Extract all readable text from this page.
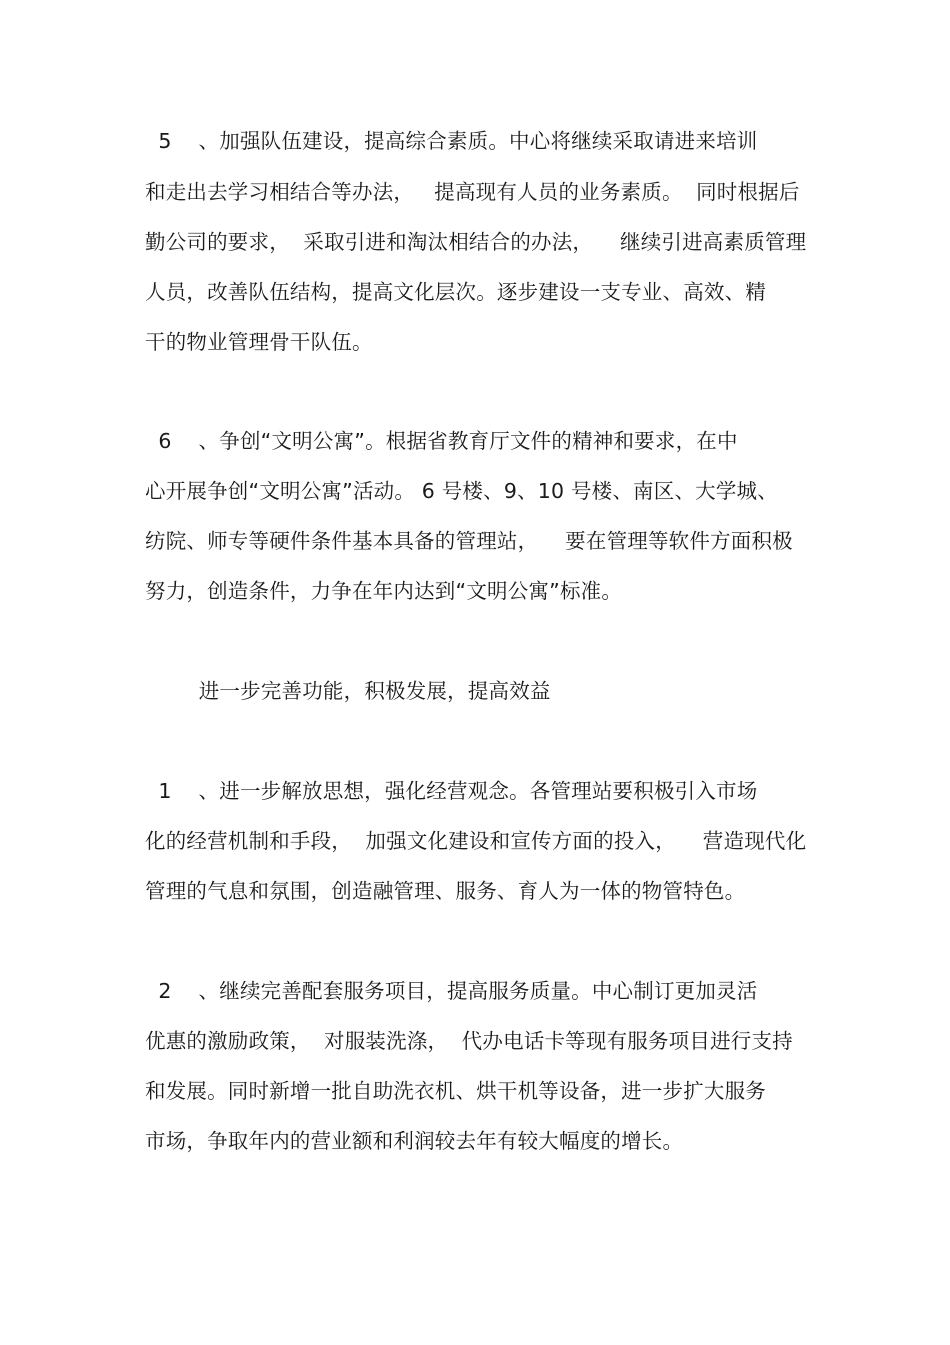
5    、加强队伍建设，提高综合素质。中心将继续采取请进来培训
和走出去学习相结合等办法，   提高现有人员的业务素质。  同时根据后
勤公司的要求，  采取引进和淘汰相结合的办法，    继续引进高素质管理
人员，改善队伍结构，提高文化层次。逐步建设一支专业、高效、精
干的物业管理骨干队伍。
6    、争创“文明公寓”。根据省教育厅文件的精神和要求，在中
心开展争创“文明公寓”活动。 6 号楼、9、10 号楼、南区、大学城、
纺院、师专等硬件条件基本具备的管理站，    要在管理等软件方面积极
努力，创造条件，力争在年内达到“文明公寓”标准。
进一步完善功能，积极发展，提高效益
1    、进一步解放思想，强化经营观念。各管理站要积极引入市场
化的经营机制和手段，  加强文化建设和宣传方面的投入，    营造现代化
管理的气息和氛围，创造融管理、服务、育人为一体的物管特色。
2    、继续完善配套服务项目，提高服务质量。中心制订更加灵活
优惠的激励政策，  对服装洗涤，  代办电话卡等现有服务项目进行支持
和发展。同时新增一批自助洗衣机、烘干机等设备，进一步扩大服务
市场，争取年内的营业额和利润较去年有较大幅度的增长。
